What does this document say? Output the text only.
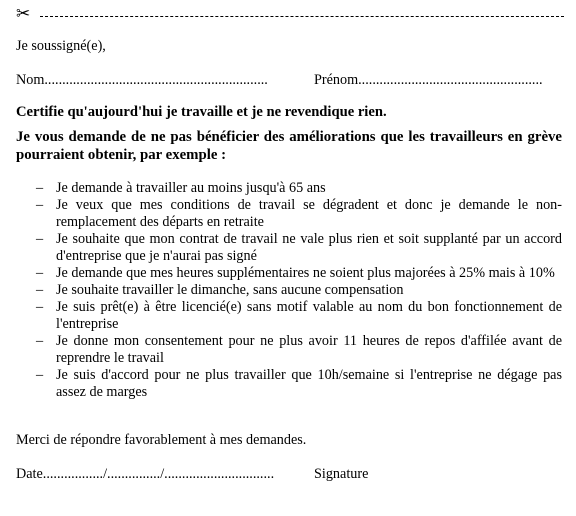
✂
Je soussigné(e),
Nom...............................................................	Prénom....................................................
Certifie qu'aujourd'hui je travaille et je ne revendique rien.
Je vous demande de ne pas bénéficier des améliorations que les travailleurs en grève pourraient obtenir, par exemple :
– Je demande à travailler au moins jusqu'à 65 ans
– Je veux que mes conditions de travail se dégradent et donc je demande le non-remplacement des départs en retraite
– Je souhaite que mon contrat de travail ne vale plus rien et soit supplanté par un accord d'entreprise que je n'aurai pas signé
– Je demande que mes heures supplémentaires ne soient plus majorées à 25% mais à 10%
– Je souhaite travailler le dimanche, sans aucune compensation
– Je suis prêt(e) à être licencié(e) sans motif valable au nom du bon fonctionnement de l'entreprise
– Je donne mon consentement pour ne plus avoir 11 heures de repos d'affilée avant de reprendre le travail
– Je suis d'accord pour ne plus travailler que 10h/semaine si l'entreprise ne dégage pas assez de marges
Merci de répondre favorablement à mes demandes.
Date................./.............../...............................	Signature
